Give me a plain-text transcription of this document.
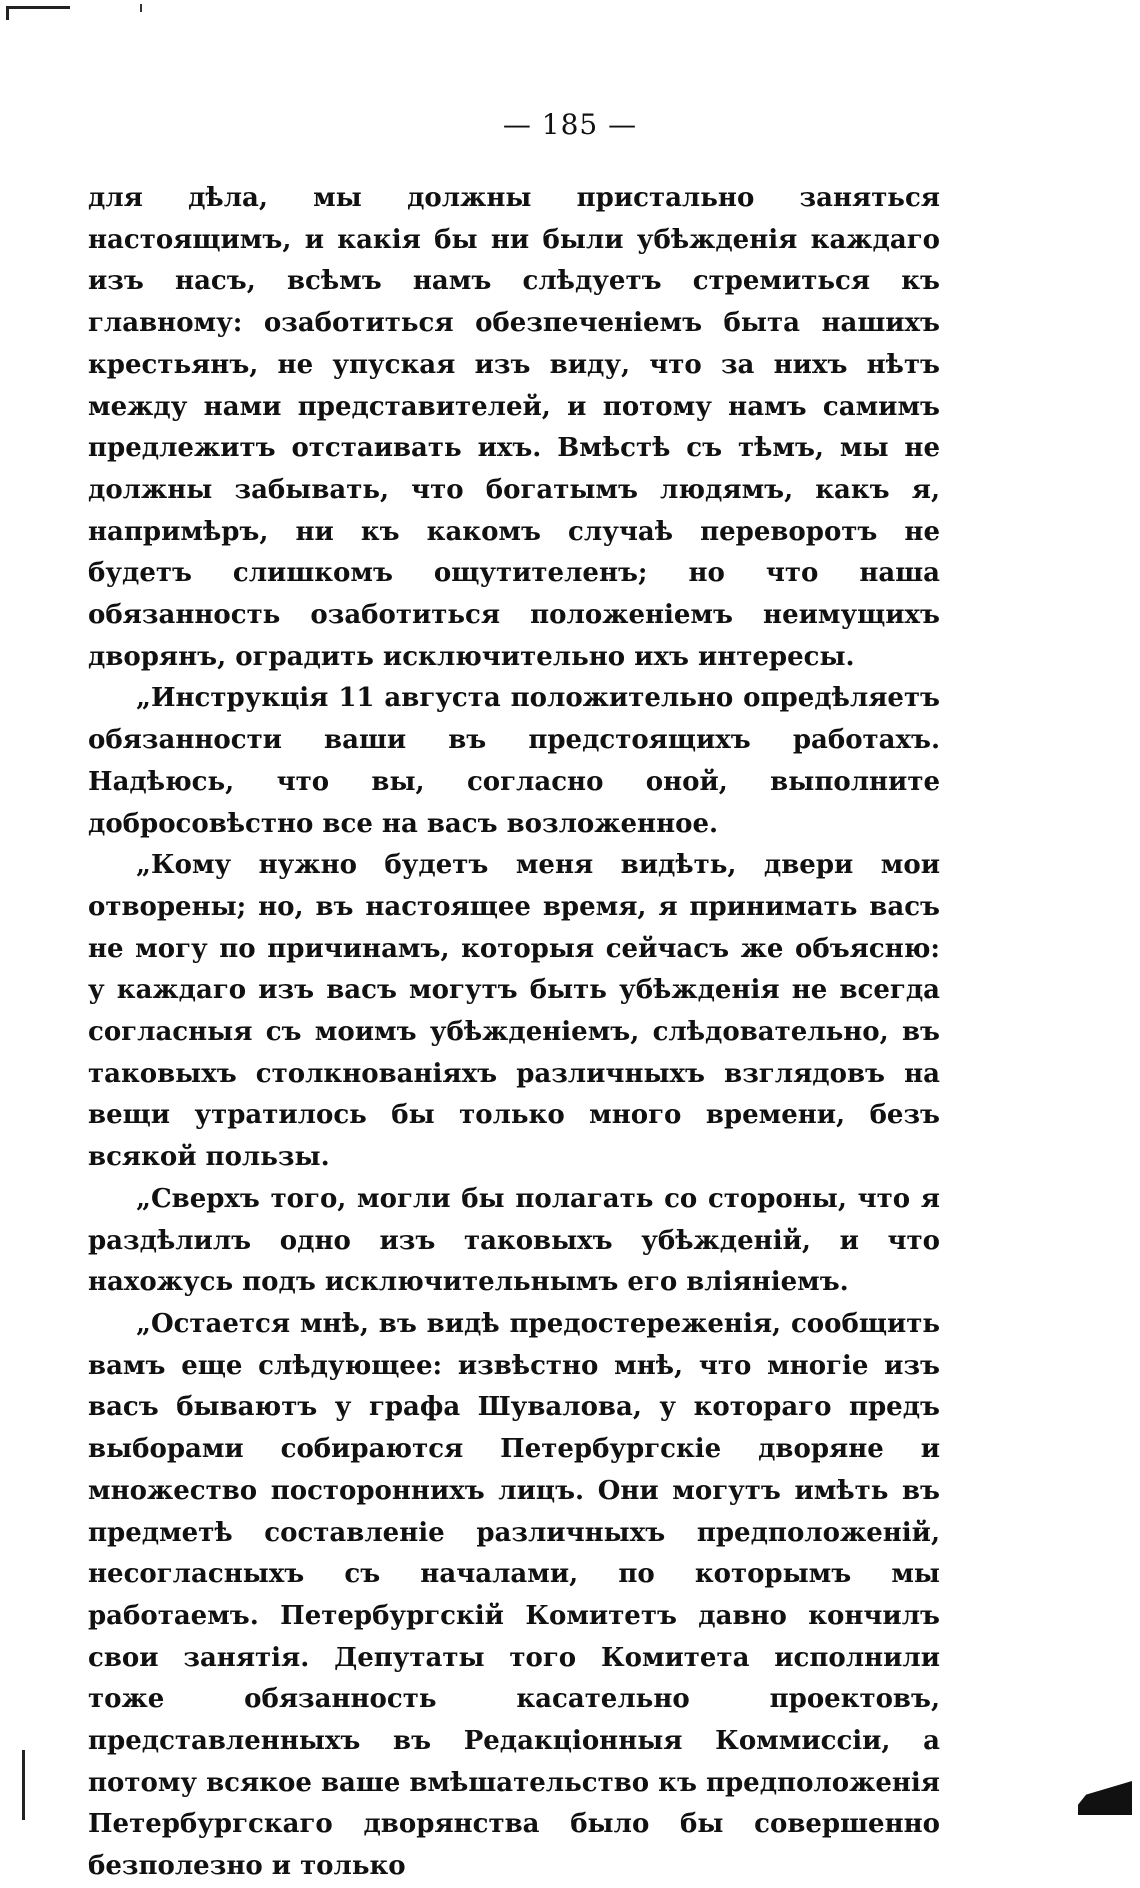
— 185 —

для дѣла, мы должны пристально заняться настоящимъ, и какія бы ни были убѣжденія каждаго изъ насъ, всѣмъ намъ слѣдуетъ стремиться къ главному: озаботиться обезпеченіемъ быта нашихъ крестьянъ, не упуская изъ виду, что за нихъ нѣтъ между нами представителей, и потому намъ самимъ предлежитъ отстаивать ихъ. Вмѣстѣ съ тѣмъ, мы не должны забывать, что богатымъ людямъ, какъ я, напримѣръ, ни къ какомъ случаѣ переворотъ не будетъ слишкомъ ощутителенъ; но что наша обязанность озаботиться положеніемъ неимущихъ дворянъ, оградить исключительно ихъ интересы.

„Инструкція 11 августа положительно опредѣляетъ обязанности ваши въ предстоящихъ работахъ. Надѣюсь, что вы, согласно оной, выполните добросовѣстно все на васъ возложенное.

„Кому нужно будетъ меня видѣть, двери мои отворены; но, въ настоящее время, я принимать васъ не могу по причинамъ, которыя сейчасъ же объясню: у каждаго изъ васъ могутъ быть убѣжденія не всегда согласныя съ моимъ убѣжденіемъ, слѣдовательно, въ таковыхъ столкнованіяхъ различныхъ взглядовъ на вещи утратилось бы только много времени, безъ всякой пользы.

„Сверхъ того, могли бы полагать со стороны, что я раздѣлилъ одно изъ таковыхъ убѣжденій, и что нахожусь подъ исключительнымъ его вліяніемъ.

„Остается мнѣ, въ видѣ предостереженія, сообщить вамъ еще слѣдующее: извѣстно мнѣ, что многіе изъ васъ бываютъ у графа Шувалова, у котораго предъ выборами собираются Петербургскіе дворяне и множество постороннихъ лицъ. Они могутъ имѣть въ предметѣ составленіе различныхъ предположеній, несогласныхъ съ началами, по которымъ мы работаемъ. Петербургскій Комитетъ давно кончилъ свои занятія. Депутаты того Комитета исполнили тоже обязанность касательно проектовъ, представленныхъ въ Редакціонныя Коммиссіи, а потому всякое ваше вмѣшательство къ предположенія Петербургскаго дворянства было бы совершенно безполезно и только
